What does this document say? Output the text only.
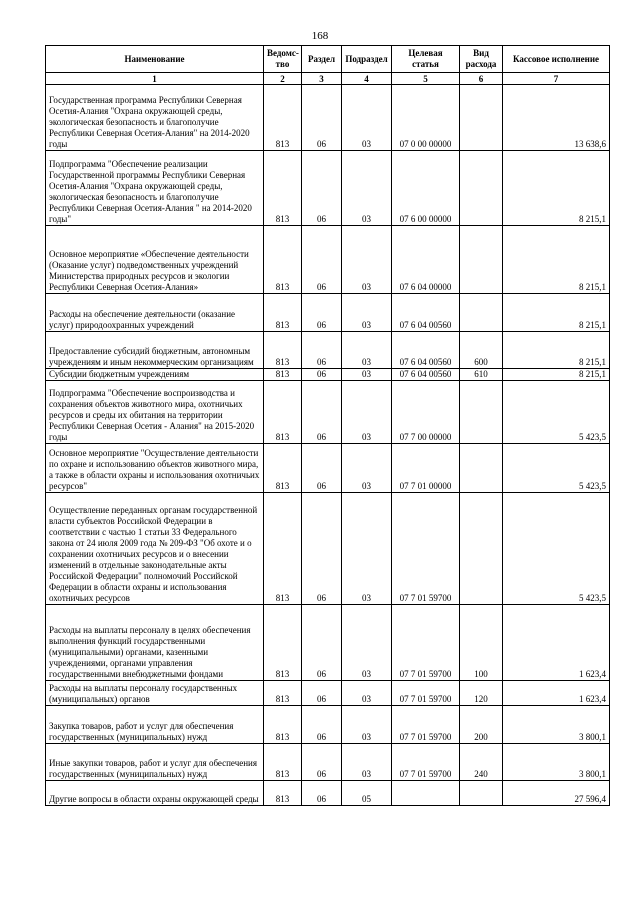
168
Наименование	Ведомс-тво	Раздел	Подраздел	Целевая статья	Вид расхода	Кассовое исполнение
1	2	3	4	5	6	7
Государственная программа Республики Северная Осетия-Алания "Охрана окружающей среды, экологическая безопасность и благополучие Республики Северная Осетия-Алания" на 2014-2020 годы	813	06	03	07 0 00 00000		13 638,6
Подпрограмма "Обеспечение реализации Государственной программы Республики Северная Осетия-Алания "Охрана окружающей среды, экологическая безопасность и благополучие Республики Северная Осетия-Алания " на 2014-2020 годы"	813	06	03	07 6 00 00000		8 215,1
Основное мероприятие «Обеспечение деятельности (Оказание услуг) подведомственных учреждений Министерства природных ресурсов и экологии Республики Северная Осетия-Алания»	813	06	03	07 6 04 00000		8 215,1
Расходы на обеспечение деятельности (оказание услуг) природоохранных учреждений	813	06	03	07 6 04 00560		8 215,1
Предоставление субсидий бюджетным, автономным учреждениям и иным некоммерческим организациям	813	06	03	07 6 04 00560	600	8 215,1
Субсидии бюджетным учреждениям	813	06	03	07 6 04 00560	610	8 215,1
Подпрограмма "Обеспечение воспроизводства и сохранения объектов животного мира, охотничьих ресурсов и среды их обитания на территории Республики Северная Осетия - Алания" на 2015-2020 годы	813	06	03	07 7 00 00000		5 423,5
Основное мероприятие "Осуществление деятельности по охране и использованию объектов животного мира, а также в области охраны и использования охотничьих ресурсов"	813	06	03	07 7 01 00000		5 423,5
Осуществление переданных органам государственной власти субъектов Российской Федерации в соответствии с частью 1 статьи 33 Федерального закона от 24 июля 2009 года № 209-ФЗ "Об охоте и о сохранении охотничьих ресурсов и о внесении изменений в отдельные законодательные акты Российской Федерации" полномочий Российской Федерации в области охраны и использования охотничьих ресурсов	813	06	03	07 7 01 59700		5 423,5
Расходы на выплаты персоналу в целях обеспечения выполнения функций государственными (муниципальными) органами, казенными учреждениями, органами управления государственными внебюджетными фондами	813	06	03	07 7 01 59700	100	1 623,4
Расходы на выплаты персоналу государственных (муниципальных) органов	813	06	03	07 7 01 59700	120	1 623,4
Закупка товаров, работ и услуг для обеспечения государственных (муниципальных) нужд	813	06	03	07 7 01 59700	200	3 800,1
Иные закупки товаров, работ и услуг для обеспечения государственных (муниципальных) нужд	813	06	03	07 7 01 59700	240	3 800,1
Другие вопросы в области охраны окружающей среды	813	06	05			27 596,4
